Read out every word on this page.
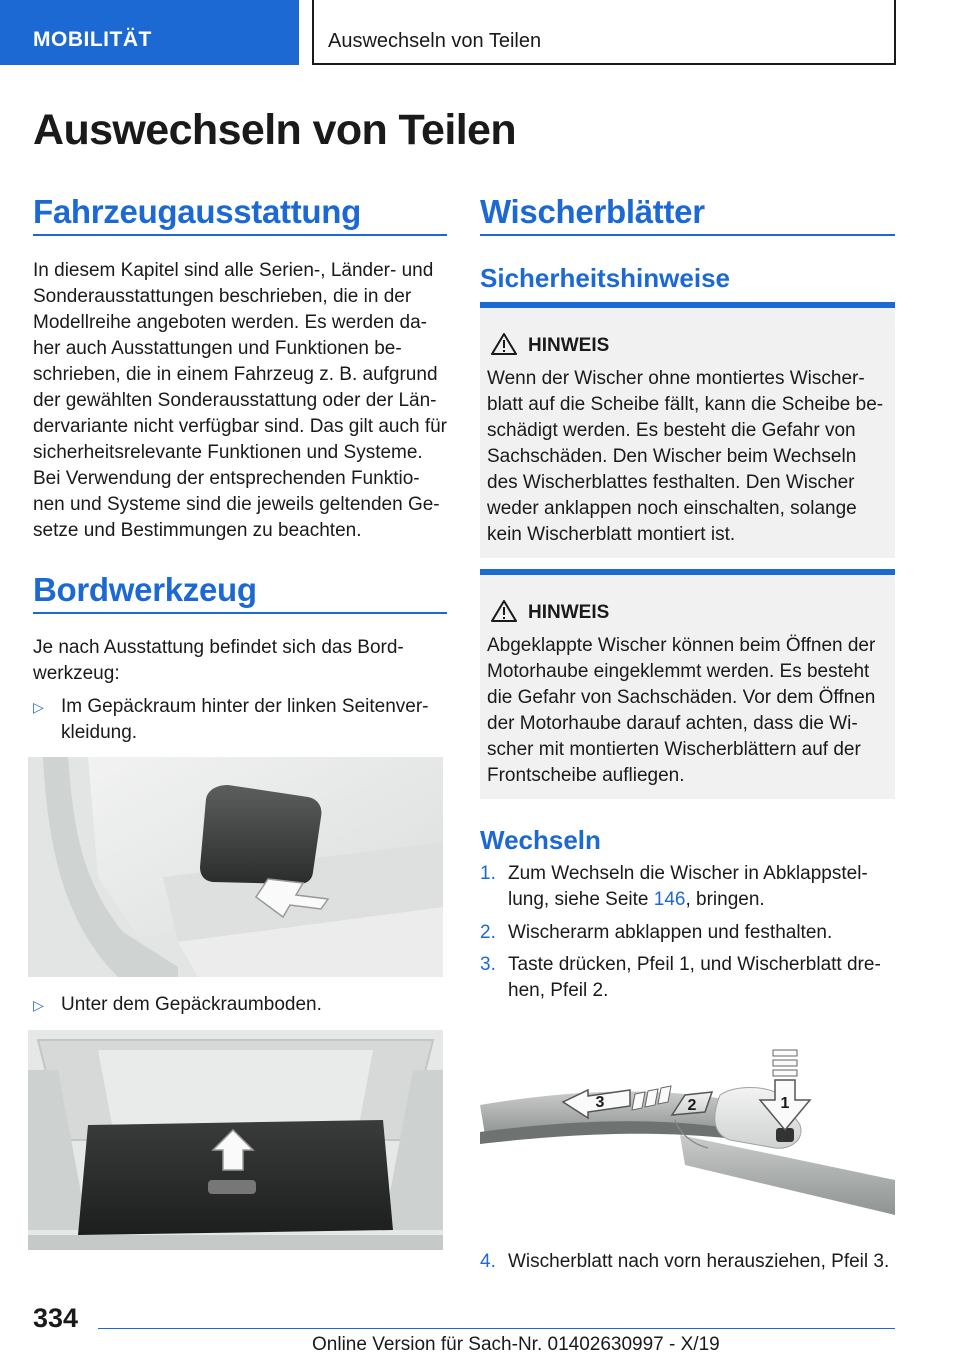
MOBILITÄT	Auswechseln von Teilen
Auswechseln von Teilen
Fahrzeugausstattung
In diesem Kapitel sind alle Serien-, Länder- und
Sonderausstattungen beschrieben, die in der
Modellreihe angeboten werden. Es werden da-
her auch Ausstattungen und Funktionen be-
schrieben, die in einem Fahrzeug z. B. aufgrund
der gewählten Sonderausstattung oder der Län-
dervariante nicht verfügbar sind. Das gilt auch für
sicherheitsrelevante Funktionen und Systeme.
Bei Verwendung der entsprechenden Funktio-
nen und Systeme sind die jeweils geltenden Ge-
setze und Bestimmungen zu beachten.
Bordwerkzeug
Je nach Ausstattung befindet sich das Bord-
werkzeug:
▷ Im Gepäckraum hinter der linken Seitenver-
kleidung.
▷ Unter dem Gepäckraumboden.
Wischerblätter
Sicherheitshinweise
HINWEIS
Wenn der Wischer ohne montiertes Wischer-
blatt auf die Scheibe fällt, kann die Scheibe be-
schädigt werden. Es besteht die Gefahr von
Sachschäden. Den Wischer beim Wechseln
des Wischerblattes festhalten. Den Wischer
weder anklappen noch einschalten, solange
kein Wischerblatt montiert ist.
HINWEIS
Abgeklappte Wischer können beim Öffnen der
Motorhaube eingeklemmt werden. Es besteht
die Gefahr von Sachschäden. Vor dem Öffnen
der Motorhaube darauf achten, dass die Wi-
scher mit montierten Wischerblättern auf der
Frontscheibe aufliegen.
Wechseln
1. Zum Wechseln die Wischer in Abklappstel-
lung, siehe Seite 146, bringen.
2. Wischerarm abklappen und festhalten.
3. Taste drücken, Pfeil 1, und Wischerblatt dre-
hen, Pfeil 2.
2
3	1
4. Wischerblatt nach vorn herausziehen, Pfeil 3.
334
Online Version für Sach-Nr. 01402630997 - X/19
